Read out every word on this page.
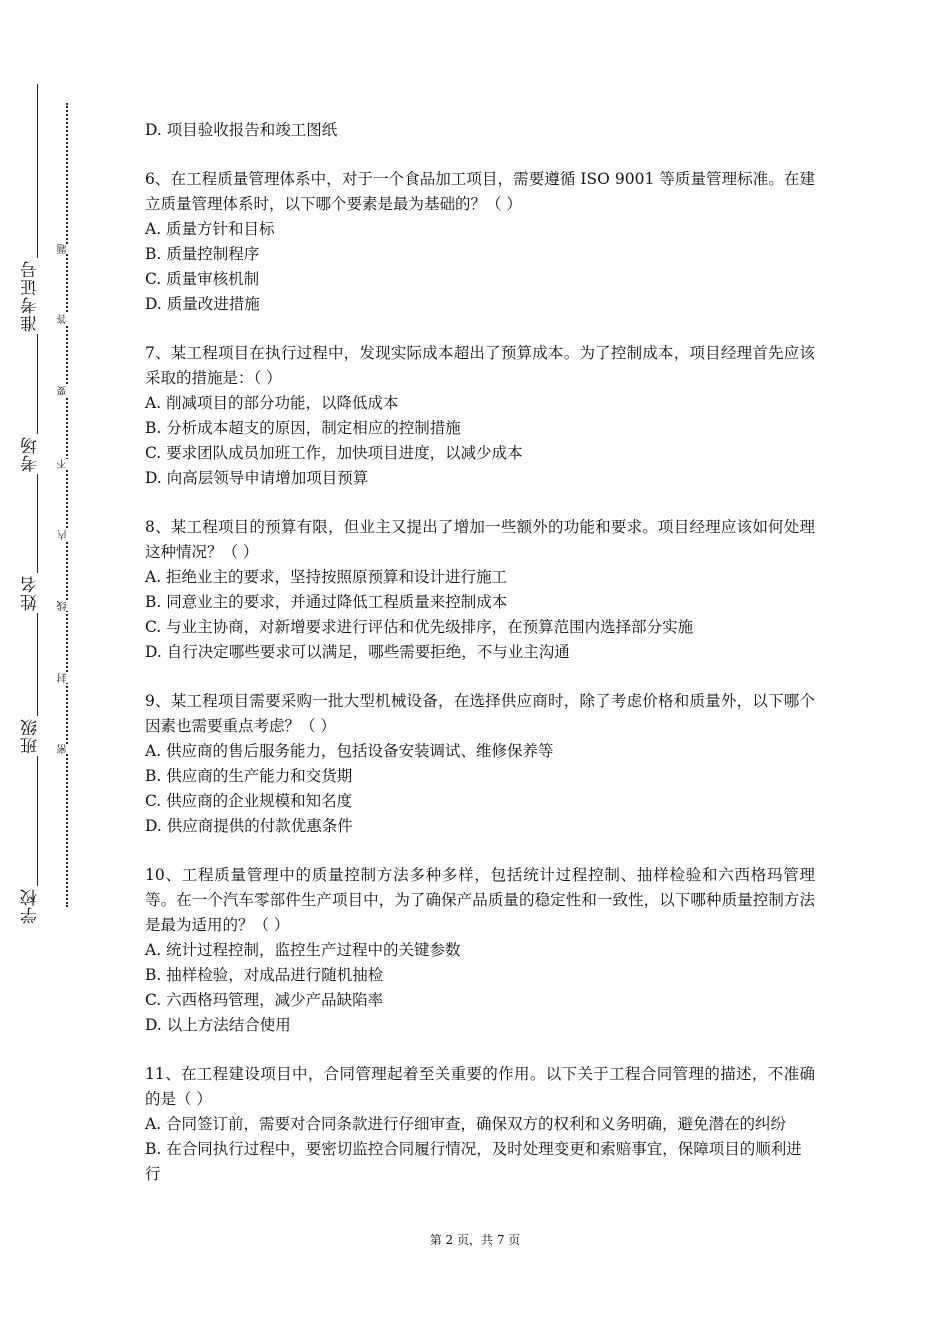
准考证号
考场
姓名
班级
学校
题
答
要
不
内
线
封
密

D. 项目验收报告和竣工图纸

6、在工程质量管理体系中，对于一个食品加工项目，需要遵循 ISO 9001 等质量管理标准。在建立质量管理体系时，以下哪个要素是最为基础的？（ ）

A. 质量方针和目标

B. 质量控制程序

C. 质量审核机制

D. 质量改进措施

7、某工程项目在执行过程中，发现实际成本超出了预算成本。为了控制成本，项目经理首先应该采取的措施是：（ ）

A. 削减项目的部分功能，以降低成本

B. 分析成本超支的原因，制定相应的控制措施

C. 要求团队成员加班工作，加快项目进度，以减少成本

D. 向高层领导申请增加项目预算

8、某工程项目的预算有限，但业主又提出了增加一些额外的功能和要求。项目经理应该如何处理这种情况？（ ）

A. 拒绝业主的要求，坚持按照原预算和设计进行施工

B. 同意业主的要求，并通过降低工程质量来控制成本

C. 与业主协商，对新增要求进行评估和优先级排序，在预算范围内选择部分实施

D. 自行决定哪些要求可以满足，哪些需要拒绝，不与业主沟通

9、某工程项目需要采购一批大型机械设备，在选择供应商时，除了考虑价格和质量外，以下哪个因素也需要重点考虑？（ ）

A. 供应商的售后服务能力，包括设备安装调试、维修保养等

B. 供应商的生产能力和交货期

C. 供应商的企业规模和知名度

D. 供应商提供的付款优惠条件

10、工程质量管理中的质量控制方法多种多样，包括统计过程控制、抽样检验和六西格玛管理等。在一个汽车零部件生产项目中，为了确保产品质量的稳定性和一致性，以下哪种质量控制方法是最为适用的？（ ）

A. 统计过程控制，监控生产过程中的关键参数

B. 抽样检验，对成品进行随机抽检

C. 六西格玛管理，减少产品缺陷率

D. 以上方法结合使用

11、在工程建设项目中，合同管理起着至关重要的作用。以下关于工程合同管理的描述，不准确的是（ ）

A. 合同签订前，需要对合同条款进行仔细审查，确保双方的权利和义务明确，避免潜在的纠纷

B. 在合同执行过程中，要密切监控合同履行情况，及时处理变更和索赔事宜，保障项目的顺利进行

第 2 页，共 7 页
